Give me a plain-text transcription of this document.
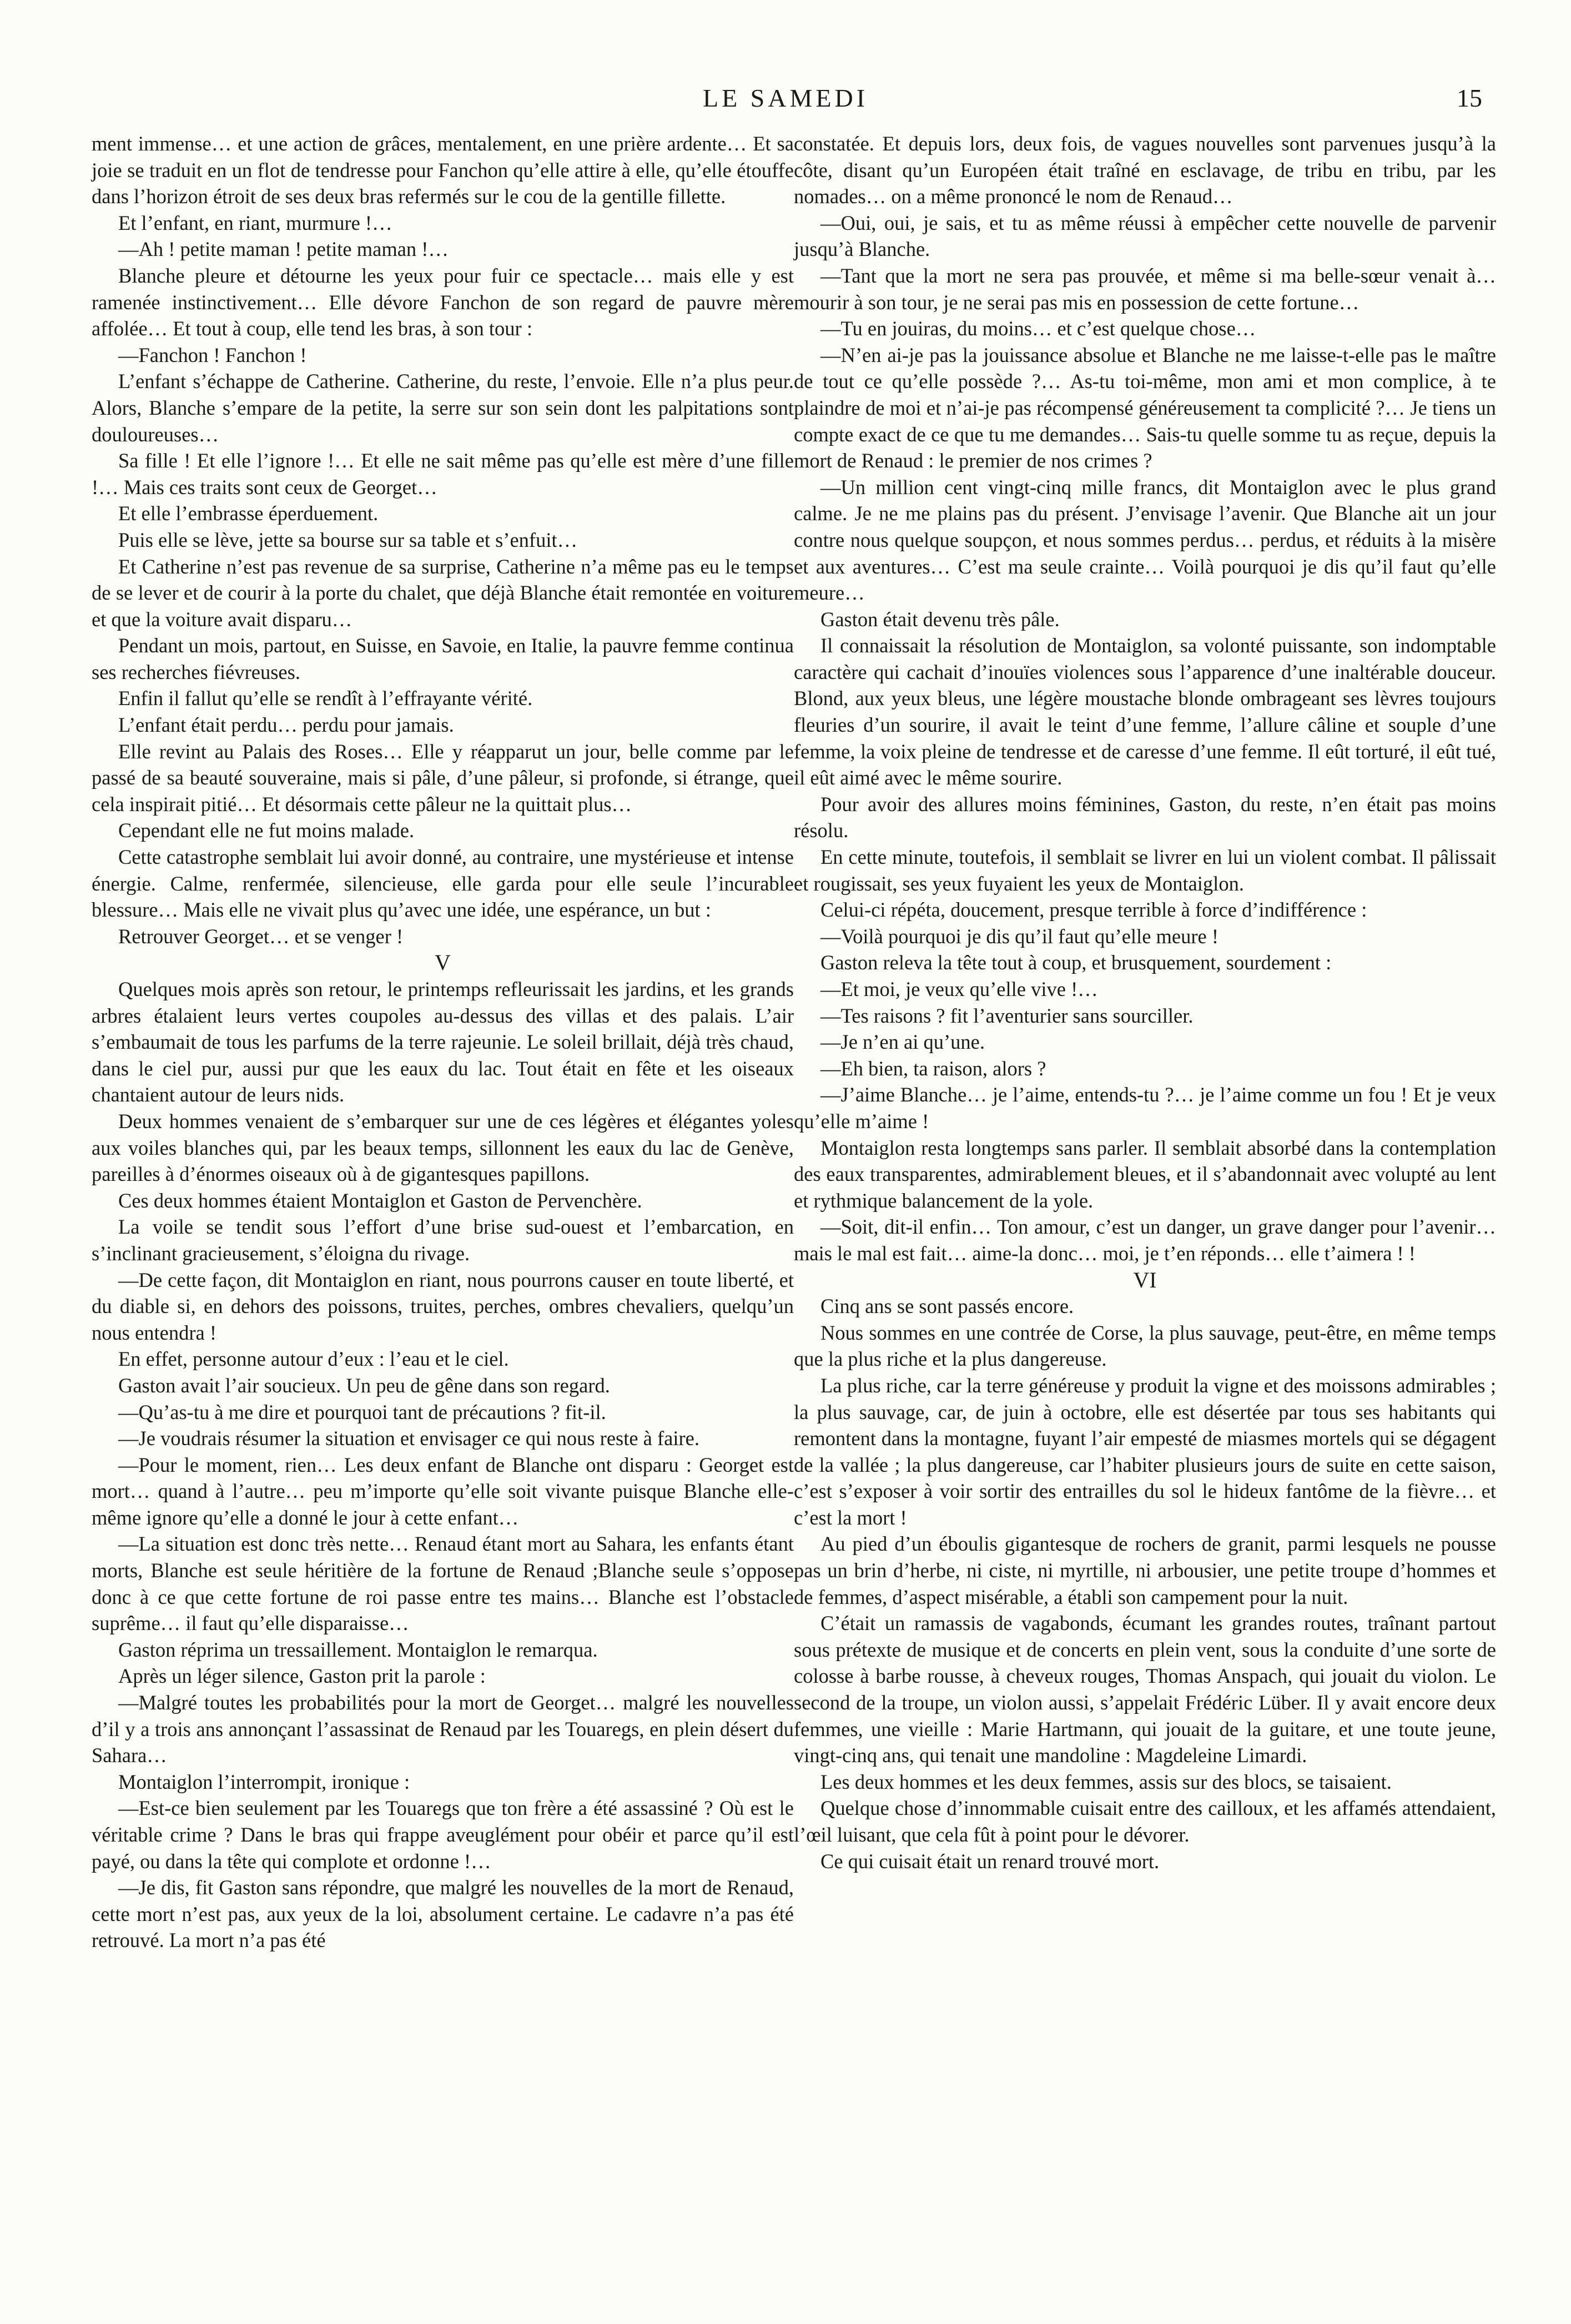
LE SAMEDI	15

ment immense… et une action de grâces, mentalement, en une prière ardente… Et sa joie se traduit en un flot de tendresse pour Fanchon qu’elle attire à elle, qu’elle étouffe dans l’horizon étroit de ses deux bras refermés sur le cou de la gentille fillette.

Et l’enfant, en riant, murmure !…

—Ah ! petite maman ! petite maman !…

Blanche pleure et détourne les yeux pour fuir ce spectacle… mais elle y est ramenée instinctivement… Elle dévore Fanchon de son regard de pauvre mère affolée… Et tout à coup, elle tend les bras, à son tour :

—Fanchon ! Fanchon !

L’enfant s’échappe de Catherine. Catherine, du reste, l’envoie. Elle n’a plus peur. Alors, Blanche s’empare de la petite, la serre sur son sein dont les palpitations sont douloureuses…

Sa fille ! Et elle l’ignore !… Et elle ne sait même pas qu’elle est mère d’une fille !… Mais ces traits sont ceux de Georget…

Et elle l’embrasse éperduement.

Puis elle se lève, jette sa bourse sur sa table et s’enfuit…

Et Catherine n’est pas revenue de sa surprise, Catherine n’a même pas eu le temps de se lever et de courir à la porte du chalet, que déjà Blanche était remontée en voiture et que la voiture avait disparu…

Pendant un mois, partout, en Suisse, en Savoie, en Italie, la pauvre femme continua ses recherches fiévreuses.

Enfin il fallut qu’elle se rendît à l’effrayante vérité.

L’enfant était perdu… perdu pour jamais.

Elle revint au Palais des Roses… Elle y réapparut un jour, belle comme par le passé de sa beauté souveraine, mais si pâle, d’une pâleur, si profonde, si étrange, que cela inspirait pitié… Et désormais cette pâleur ne la quittait plus…

Cependant elle ne fut moins malade.

Cette catastrophe semblait lui avoir donné, au contraire, une mystérieuse et intense énergie. Calme, renfermée, silencieuse, elle garda pour elle seule l’incurable blessure… Mais elle ne vivait plus qu’avec une idée, une espérance, un but :

Retrouver Georget… et se venger !

V

Quelques mois après son retour, le printemps refleurissait les jardins, et les grands arbres étalaient leurs vertes coupoles au-dessus des villas et des palais. L’air s’embaumait de tous les parfums de la terre rajeunie. Le soleil brillait, déjà très chaud, dans le ciel pur, aussi pur que les eaux du lac. Tout était en fête et les oiseaux chantaient autour de leurs nids.

Deux hommes venaient de s’embarquer sur une de ces légères et élégantes yoles aux voiles blanches qui, par les beaux temps, sillonnent les eaux du lac de Genève, pareilles à d’énormes oiseaux où à de gigantesques papillons.

Ces deux hommes étaient Montaiglon et Gaston de Pervenchère.

La voile se tendit sous l’effort d’une brise sud-ouest et l’embarcation, en s’inclinant gracieusement, s’éloigna du rivage.

—De cette façon, dit Montaiglon en riant, nous pourrons causer en toute liberté, et du diable si, en dehors des poissons, truites, perches, ombres chevaliers, quelqu’un nous entendra !

En effet, personne autour d’eux : l’eau et le ciel.

Gaston avait l’air soucieux. Un peu de gêne dans son regard.

—Qu’as-tu à me dire et pourquoi tant de précautions ? fit-il.

—Je voudrais résumer la situation et envisager ce qui nous reste à faire.

—Pour le moment, rien… Les deux enfant de Blanche ont disparu : Georget est mort… quand à l’autre… peu m’importe qu’elle soit vivante puisque Blanche elle-même ignore qu’elle a donné le jour à cette enfant…

—La situation est donc très nette… Renaud étant mort au Sahara, les enfants étant morts, Blanche est seule héritière de la fortune de Renaud ;Blanche seule s’oppose donc à ce que cette fortune de roi passe entre tes mains… Blanche est l’obstacle suprême… il faut qu’elle disparaisse…

Gaston réprima un tressaillement. Montaiglon le remarqua.

Après un léger silence, Gaston prit la parole :

—Malgré toutes les probabilités pour la mort de Georget… malgré les nouvelles d’il y a trois ans annonçant l’assassinat de Renaud par les Touaregs, en plein désert du Sahara…

Montaiglon l’interrompit, ironique :

—Est-ce bien seulement par les Touaregs que ton frère a été assassiné ? Où est le véritable crime ? Dans le bras qui frappe aveuglément pour obéir et parce qu’il est payé, ou dans la tête qui complote et ordonne !…

—Je dis, fit Gaston sans répondre, que malgré les nouvelles de la mort de Renaud, cette mort n’est pas, aux yeux de la loi, absolument certaine. Le cadavre n’a pas été retrouvé. La mort n’a pas été

constatée. Et depuis lors, deux fois, de vagues nouvelles sont parvenues jusqu’à la côte, disant qu’un Européen était traîné en esclavage, de tribu en tribu, par les nomades… on a même prononcé le nom de Renaud…

—Oui, oui, je sais, et tu as même réussi à empêcher cette nouvelle de parvenir jusqu’à Blanche.

—Tant que la mort ne sera pas prouvée, et même si ma belle-sœur venait à… mourir à son tour, je ne serai pas mis en possession de cette fortune…

—Tu en jouiras, du moins… et c’est quelque chose…

—N’en ai-je pas la jouissance absolue et Blanche ne me laisse-t-elle pas le maître de tout ce qu’elle possède ?… As-tu toi-même, mon ami et mon complice, à te plaindre de moi et n’ai-je pas récompensé généreusement ta complicité ?… Je tiens un compte exact de ce que tu me demandes… Sais-tu quelle somme tu as reçue, depuis la mort de Renaud : le premier de nos crimes ?

—Un million cent vingt-cinq mille francs, dit Montaiglon avec le plus grand calme. Je ne me plains pas du présent. J’envisage l’avenir. Que Blanche ait un jour contre nous quelque soupçon, et nous sommes perdus… perdus, et réduits à la misère et aux aventures… C’est ma seule crainte… Voilà pourquoi je dis qu’il faut qu’elle meure…

Gaston était devenu très pâle.

Il connaissait la résolution de Montaiglon, sa volonté puissante, son indomptable caractère qui cachait d’inouïes violences sous l’apparence d’une inaltérable douceur. Blond, aux yeux bleus, une légère moustache blonde ombrageant ses lèvres toujours fleuries d’un sourire, il avait le teint d’une femme, l’allure câline et souple d’une femme, la voix pleine de tendresse et de caresse d’une femme. Il eût torturé, il eût tué, il eût aimé avec le même sourire.

Pour avoir des allures moins féminines, Gaston, du reste, n’en était pas moins résolu.

En cette minute, toutefois, il semblait se livrer en lui un violent combat. Il pâlissait et rougissait, ses yeux fuyaient les yeux de Montaiglon.

Celui-ci répéta, doucement, presque terrible à force d’indifférence :

—Voilà pourquoi je dis qu’il faut qu’elle meure !

Gaston releva la tête tout à coup, et brusquement, sourdement :

—Et moi, je veux qu’elle vive !…

—Tes raisons ? fit l’aventurier sans sourciller.

—Je n’en ai qu’une.

—Eh bien, ta raison, alors ?

—J’aime Blanche… je l’aime, entends-tu ?… je l’aime comme un fou ! Et je veux qu’elle m’aime !

Montaiglon resta longtemps sans parler. Il semblait absorbé dans la contemplation des eaux transparentes, admirablement bleues, et il s’abandonnait avec volupté au lent et rythmique balancement de la yole.

—Soit, dit-il enfin… Ton amour, c’est un danger, un grave danger pour l’avenir… mais le mal est fait… aime-la donc… moi, je t’en réponds… elle t’aimera ! !

VI

Cinq ans se sont passés encore.

Nous sommes en une contrée de Corse, la plus sauvage, peut-être, en même temps que la plus riche et la plus dangereuse.

La plus riche, car la terre généreuse y produit la vigne et des moissons admirables ; la plus sauvage, car, de juin à octobre, elle est désertée par tous ses habitants qui remontent dans la montagne, fuyant l’air empesté de miasmes mortels qui se dégagent de la vallée ; la plus dangereuse, car l’habiter plusieurs jours de suite en cette saison, c’est s’exposer à voir sortir des entrailles du sol le hideux fantôme de la fièvre… et c’est la mort !

Au pied d’un éboulis gigantesque de rochers de granit, parmi lesquels ne pousse pas un brin d’herbe, ni ciste, ni myrtille, ni arbousier, une petite troupe d’hommes et de femmes, d’aspect misérable, a établi son campement pour la nuit.

C’était un ramassis de vagabonds, écumant les grandes routes, traînant partout sous prétexte de musique et de concerts en plein vent, sous la conduite d’une sorte de colosse à barbe rousse, à cheveux rouges, Thomas Anspach, qui jouait du violon. Le second de la troupe, un violon aussi, s’appelait Frédéric Lüber. Il y avait encore deux femmes, une vieille : Marie Hartmann, qui jouait de la guitare, et une toute jeune, vingt-cinq ans, qui tenait une mandoline : Magdeleine Limardi.

Les deux hommes et les deux femmes, assis sur des blocs, se taisaient.

Quelque chose d’innommable cuisait entre des cailloux, et les affamés attendaient, l’œil luisant, que cela fût à point pour le dévorer.

Ce qui cuisait était un renard trouvé mort.
